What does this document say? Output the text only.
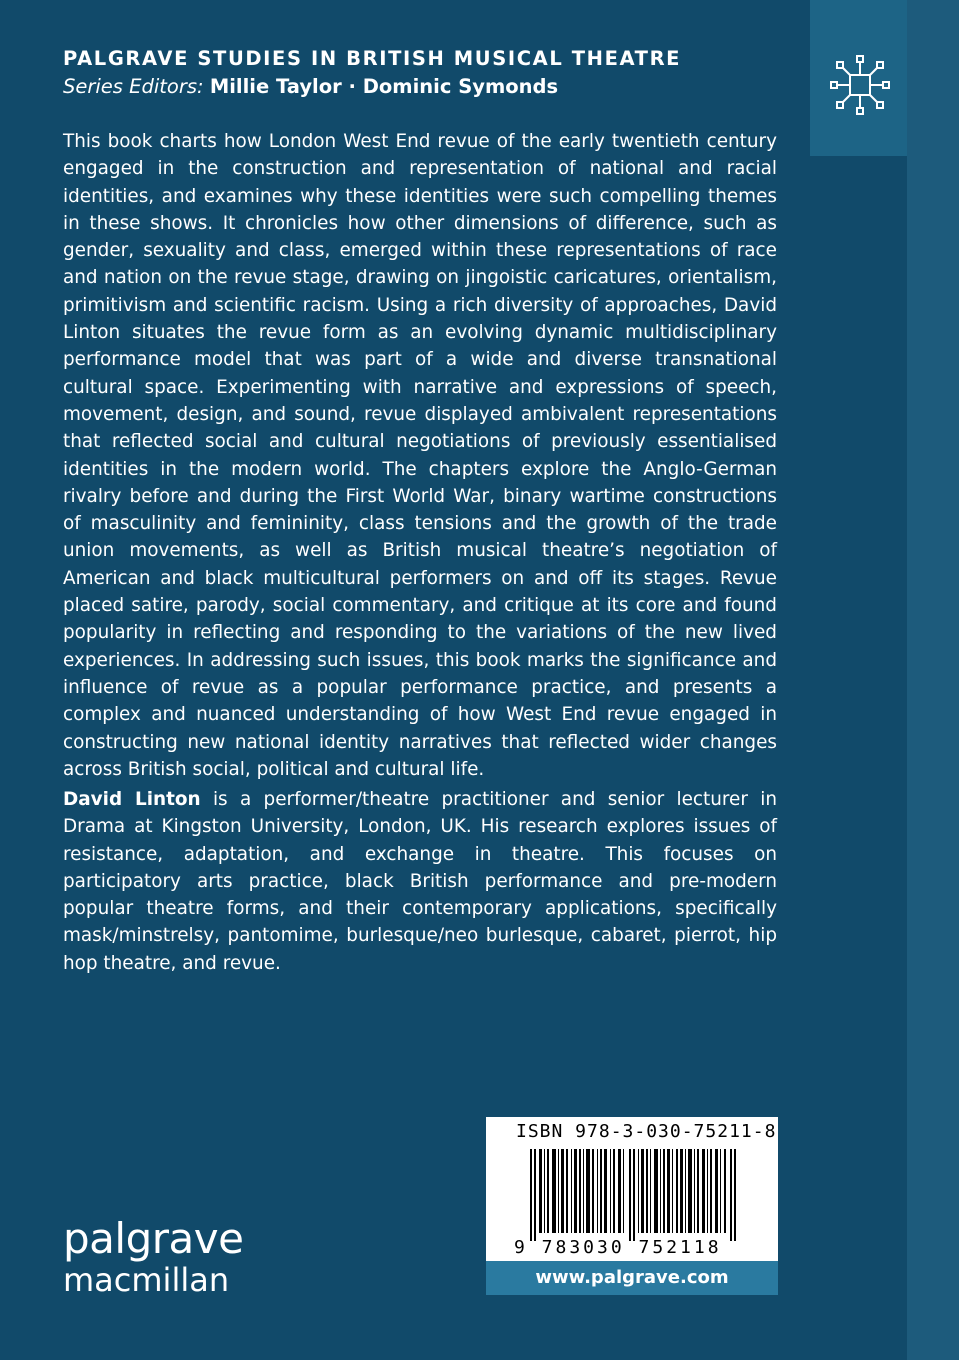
PALGRAVE STUDIES IN BRITISH MUSICAL THEATRE

Series Editors: Millie Taylor · Dominic Symonds

This book charts how London West End revue of the early twentieth century engaged in the construction and representation of national and racial identities, and examines why these identities were such compelling themes in these shows. It chronicles how other dimensions of difference, such as gender, sexuality and class, emerged within these representations of race and nation on the revue stage, drawing on jingoistic caricatures, orientalism, primitivism and scientific racism. Using a rich diversity of approaches, David Linton situates the revue form as an evolving dynamic multidisciplinary performance model that was part of a wide and diverse transnational cultural space. Experimenting with narrative and expressions of speech, movement, design, and sound, revue displayed ambivalent representations that reflected social and cultural negotiations of previously essentialised identities in the modern world. The chapters explore the Anglo-German rivalry before and during the First World War, binary wartime constructions of masculinity and femininity, class tensions and the growth of the trade union movements, as well as British musical theatre’s negotiation of American and black multicultural performers on and off its stages. Revue placed satire, parody, social commentary, and critique at its core and found popularity in reflecting and responding to the variations of the new lived experiences. In addressing such issues, this book marks the significance and influence of revue as a popular performance practice, and presents a complex and nuanced understanding of how West End revue engaged in constructing new national identity narratives that reflected wider changes across British social, political and cultural life.

David Linton is a performer/theatre practitioner and senior lecturer in Drama at Kingston University, London, UK. His research explores issues of resistance, adaptation, and exchange in theatre. This focuses on participatory arts practice, black British performance and pre-modern popular theatre forms, and their contemporary applications, specifically mask/minstrelsy, pantomime, burlesque/neo burlesque, cabaret, pierrot, hip hop theatre, and revue.

palgrave
macmillan
ISBN 978-3-030-75211-8
9 783030 752118
www.palgrave.com
